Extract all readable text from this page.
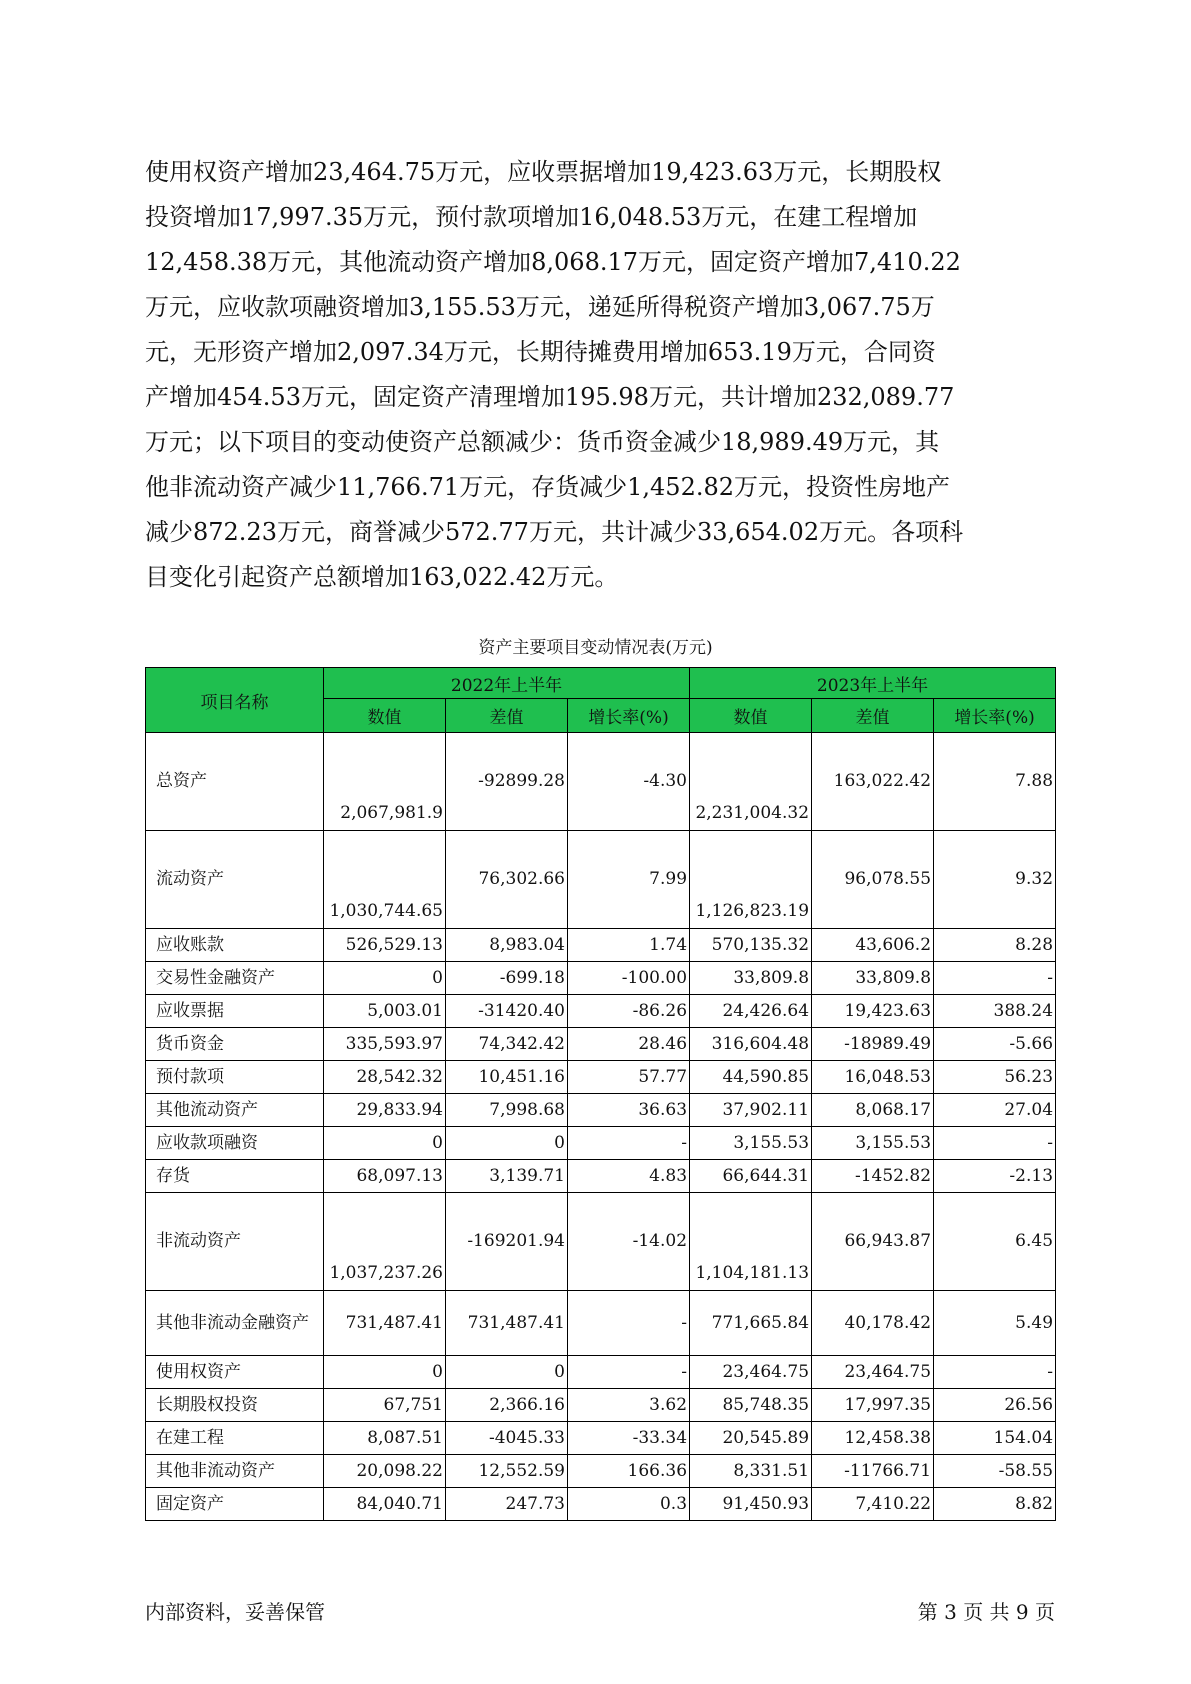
使用权资产增加23,464.75万元，应收票据增加19,423.63万元，长期股权
投资增加17,997.35万元，预付款项增加16,048.53万元，在建工程增加
12,458.38万元，其他流动资产增加8,068.17万元，固定资产增加7,410.22
万元，应收款项融资增加3,155.53万元，递延所得税资产增加3,067.75万
元，无形资产增加2,097.34万元，长期待摊费用增加653.19万元，合同资
产增加454.53万元，固定资产清理增加195.98万元，共计增加232,089.77
万元；以下项目的变动使资产总额减少：货币资金减少18,989.49万元，其
他非流动资产减少11,766.71万元，存货减少1,452.82万元，投资性房地产
减少872.23万元，商誉减少572.77万元，共计减少33,654.02万元。各项科
目变化引起资产总额增加163,022.42万元。
资产主要项目变动情况表(万元)
项目名称	2022年上半年			2023年上半年		
	数值	差值	增长率(%)	数值	差值	增长率(%)
总资产	2,067,981.9	-92899.28	-4.30	2,231,004.32	163,022.42	7.88
流动资产	1,030,744.65	76,302.66	7.99	1,126,823.19	96,078.55	9.32
应收账款	526,529.13	8,983.04	1.74	570,135.32	43,606.2	8.28
交易性金融资产	0	-699.18	-100.00	33,809.8	33,809.8	-
应收票据	5,003.01	-31420.40	-86.26	24,426.64	19,423.63	388.24
货币资金	335,593.97	74,342.42	28.46	316,604.48	-18989.49	-5.66
预付款项	28,542.32	10,451.16	57.77	44,590.85	16,048.53	56.23
其他流动资产	29,833.94	7,998.68	36.63	37,902.11	8,068.17	27.04
应收款项融资	0	0	-	3,155.53	3,155.53	-
存货	68,097.13	3,139.71	4.83	66,644.31	-1452.82	-2.13
非流动资产	1,037,237.26	-169201.94	-14.02	1,104,181.13	66,943.87	6.45
其他非流动金融资产	731,487.41	731,487.41	-	771,665.84	40,178.42	5.49
使用权资产	0	0	-	23,464.75	23,464.75	-
长期股权投资	67,751	2,366.16	3.62	85,748.35	17,997.35	26.56
在建工程	8,087.51	-4045.33	-33.34	20,545.89	12,458.38	154.04
其他非流动资产	20,098.22	12,552.59	166.36	8,331.51	-11766.71	-58.55
固定资产	84,040.71	247.73	0.3	91,450.93	7,410.22	8.82
内部资料，妥善保管	第 3 页 共 9 页
